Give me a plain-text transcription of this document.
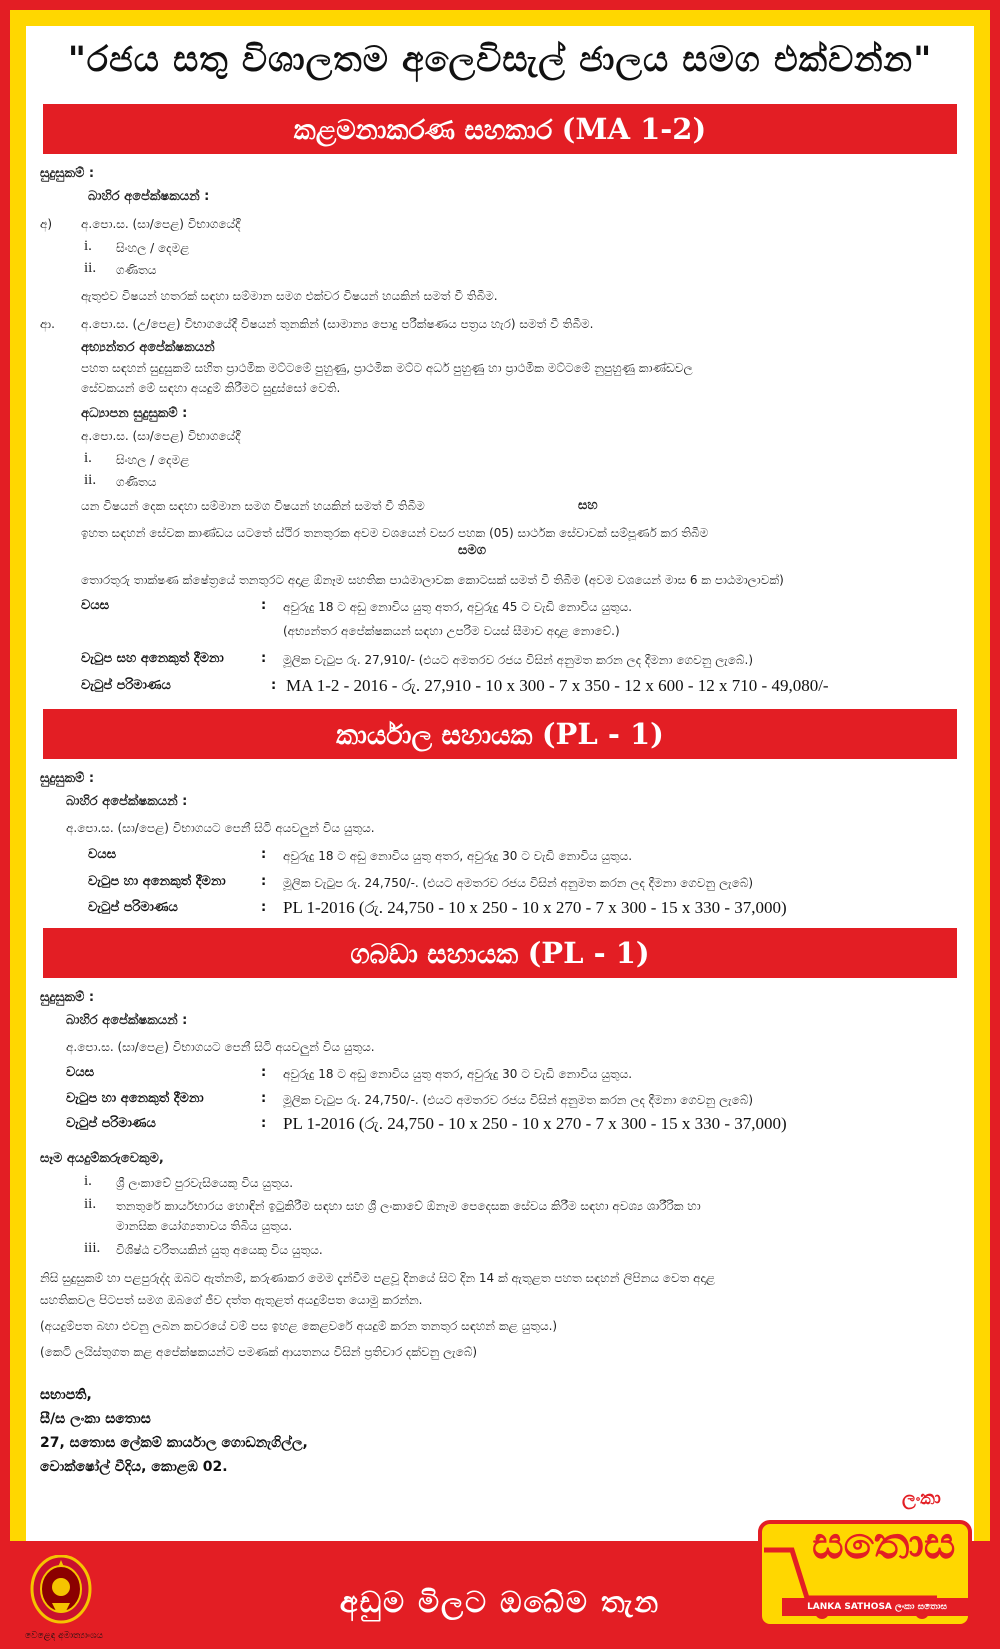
"රජය සතු විශාලතම අලෙවිසැල් ජාලය සමග එක්වන්න"
කළමනාකරණ සහකාර (MA 1-2)
සුදුසුකම් :
බාහිර අපේක්ෂකයන් :
අ) අ.පො.ස. (සා/පෙළ) විභාගයේදී
i. සිංහල / දෙමළ
ii. ගණිතය
ඇතුළුව විෂයන් හතරක් සඳහා සම්මාන සමග එක්වර විෂයන් හයකින් සමත් වී තිබීම.
ආ. අ.පො.ස. (උ/පෙළ) විභාගයේදී විෂයන් තුනකින් (සාමාන්‍ය පොදු පරීක්ෂණය පත්‍රය හැර) සමත් වී තිබීම.
අභ්‍යන්තර අපේක්ෂකයන්
පහත සඳහන් සුදුසුකම් සහිත ප්‍රාථමික මට්ටමේ පුහුණු, ප්‍රාථමික මට්ට අර්ධ පුහුණු හා ප්‍රාථමික මට්ටමේ නුපුහුණු කාණ්ඩවල
සේවකයන් මේ සඳහා අයදුම් කිරීමට සුදුස්සෝ වෙති.
අධ්‍යාපන සුදුසුකම් :
අ.පො.ස. (සා/පෙළ) විභාගයේදී
i. සිංහල / දෙමළ
ii. ගණිතය
යන විෂයන් දෙක සඳහා සම්මාන සමග විෂයන් හයකින් සමත් වී තිබීම	සහ
ඉහත සඳහන් සේවක කාණ්ඩය යටතේ ස්ථිර තනතුරක අවම වශයෙන් වසර පහක (05) සාර්ථක සේවාවක් සම්පූර්ණ කර තිබීම
සමග
තොරතුරු තාක්ෂණ ක්ෂේත්‍රයේ තනතුරට අදාළ ඕනෑම සහතික පාඨමාලාවක කොටසක් සමත් වී තිබීම (අවම වශයෙන් මාස 6 ක පාඨමාලාවක්)
වයස	: අවුරුදු 18 ට අඩු නොවිය යුතු අතර, අවුරුදු 45 ට වැඩි නොවිය යුතුය.
(අභ්‍යන්තර අපේක්ෂකයන් සඳහා උපරිම වයස් සීමාව අදාළ නොවේ.)
වැටුප සහ අනෙකුත් දීමනා	: මූලික වැටුප රු. 27,910/- (එයට අමතරව රජය විසින් අනුමත කරන ලද දීමනා ගෙවනු ලැබේ.)
වැටුප් පරිමාණය	: MA 1-2 - 2016 - රු. 27,910 - 10 x 300 - 7 x 350 - 12 x 600 - 12 x 710 - 49,080/-
කාර්යාල සහායක (PL - 1)
සුදුසුකම් :
බාහිර අපේක්ෂකයන් :
අ.පො.ස. (සා/පෙළ) විභාගයට පෙනී සිටි අයවලුන් විය යුතුය.
වයස	: අවුරුදු 18 ට අඩු නොවිය යුතු අතර, අවුරුදු 30 ට වැඩි නොවිය යුතුය.
වැටුප හා අනෙකුත් දීමනා	: මූලික වැටුප රු. 24,750/-. (එයට අමතරව රජය විසින් අනුමත කරන ලද දීමනා ගෙවනු ලැබේ)
වැටුප් පරිමාණය	: PL 1-2016 (රු. 24,750 - 10 x 250 - 10 x 270 - 7 x 300 - 15 x 330 - 37,000)
ගබඩා සහායක (PL - 1)
සුදුසුකම් :
බාහිර අපේක්ෂකයන් :
අ.පො.ස. (සා/පෙළ) විභාගයට පෙනී සිටි අයවලුන් විය යුතුය.
වයස	: අවුරුදු 18 ට අඩු නොවිය යුතු අතර, අවුරුදු 30 ට වැඩි නොවිය යුතුය.
වැටුප හා අනෙකුත් දීමනා	: මූලික වැටුප රු. 24,750/-. (එයට අමතරව රජය විසින් අනුමත කරන ලද දීමනා ගෙවනු ලැබේ)
වැටුප් පරිමාණය	: PL 1-2016 (රු. 24,750 - 10 x 250 - 10 x 270 - 7 x 300 - 15 x 330 - 37,000)
සෑම අයදුම්කරුවෙකුම,
i. ශ්‍රී ලංකාවේ පුරවැසියෙකු විය යුතුය.
ii. තනතුරේ කාර්යභාරය හොඳින් ඉටුකිරීම සඳහා සහ ශ්‍රී ලංකාවේ ඕනෑම පෙදෙසක සේවය කිරීම සඳහා අවශ්‍ය ශාරීරික හා
මානසික යෝග්‍යතාවය තිබිය යුතුය.
iii. විශිෂ්ඨ චරිතයකින් යුතු අයෙකු විය යුතුය.
නිසි සුදුසුකම් හා පළපුරුද්ද ඔබට ඇත්නම්, කරුණාකර මෙම දැන්වීම පළවූ දිනයේ සිට දින 14 ක් ඇතුළත පහත සඳහන් ලිපිනය වෙත අදාළ
සහතිකවල පිටපත් සමග ඔබගේ ජීව දත්ත ඇතුළත් අයදුම්පත යොමු කරන්න.
(අයදුම්පත බහා එවනු ලබන කවරයේ වම් පස ඉහළ කෙළවරේ අයදුම් කරන තනතුර සඳහන් කළ යුතුය.)
(කෙටි ලයිස්තුගත කළ අපේක්ෂකයන්ට පමණක් ආයතනය විසින් ප්‍රතිචාර දක්වනු ලැබේ)
සභාපති,
සී/ස ලංකා සතොස
27, සතොස ලේකම් කාර්යාල ගොඩනැගිල්ල,
වොක්ෂෝල් වීදිය, කොළඹ 02.
වෙළෙඳ අමාත්‍යාංශය
අඩුම මිලට ඔබේම තැන
ලංකා
සතොස
LANKA SATHOSA ලංකා සතොස
